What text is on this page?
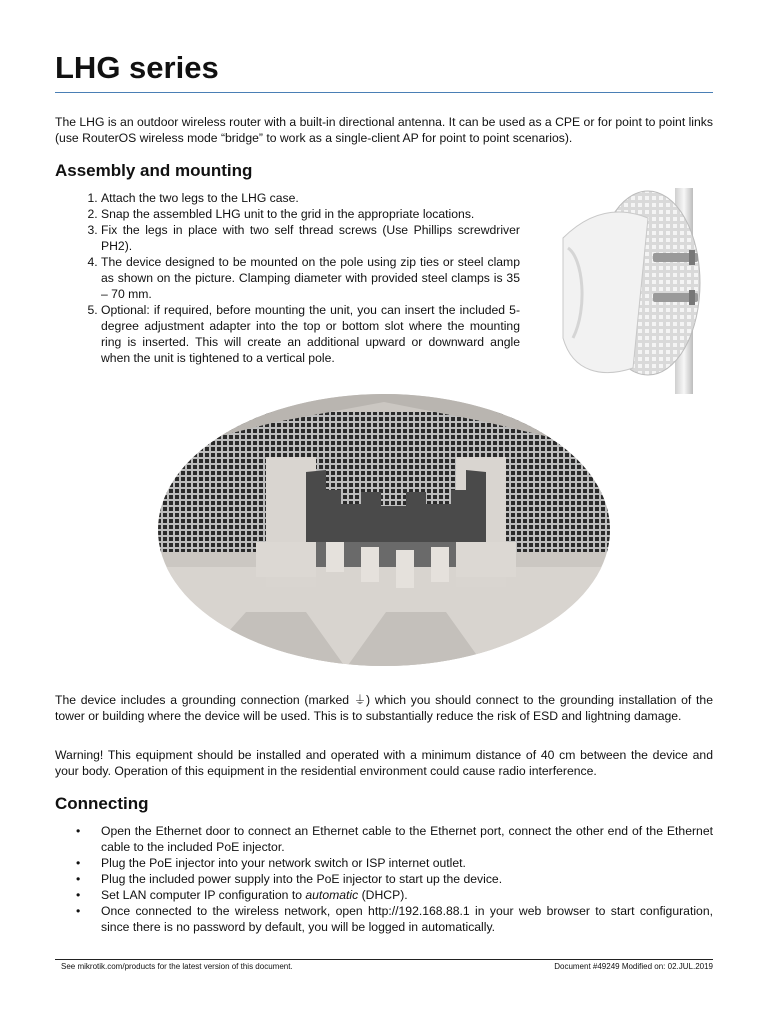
LHG series

The LHG is an outdoor wireless router with a built-in directional antenna. It can be used as a CPE or for point to point links (use RouterOS wireless mode “bridge” to work as a single-client AP for point to point scenarios).

Assembly and mounting
1. Attach the two legs to the LHG case.
2. Snap the assembled LHG unit to the grid in the appropriate locations.
3. Fix the legs in place with two self thread screws (Use Phillips screwdriver PH2).
4. The device designed to be mounted on the pole using zip ties or steel clamp as shown on the picture. Clamping diameter with provided steel clamps is 35 – 70 mm.
5. Optional: if required, before mounting the unit, you can insert the included 5-degree adjustment adapter into the top or bottom slot where the mounting ring is inserted. This will create an additional upward or downward angle when the unit is tightened to a vertical pole.

The device includes a grounding connection (marked ⏚) which you should connect to the grounding installation of the tower or building where the device will be used. This is to substantially reduce the risk of ESD and lightning damage.

Warning! This equipment should be installed and operated with a minimum distance of 40 cm between the device and your body. Operation of this equipment in the residential environment could cause radio interference.

Connecting
• Open the Ethernet door to connect an Ethernet cable to the Ethernet port, connect the other end of the Ethernet cable to the included PoE injector.
• Plug the PoE injector into your network switch or ISP internet outlet.
• Plug the included power supply into the PoE injector to start up the device.
• Set LAN computer IP configuration to automatic (DHCP).
• Once connected to the wireless network, open http://192.168.88.1 in your web browser to start configuration, since there is no password by default, you will be logged in automatically.
See mikrotik.com/products for the latest version of this document.	Document #49249 Modified on: 02.JUL.2019
